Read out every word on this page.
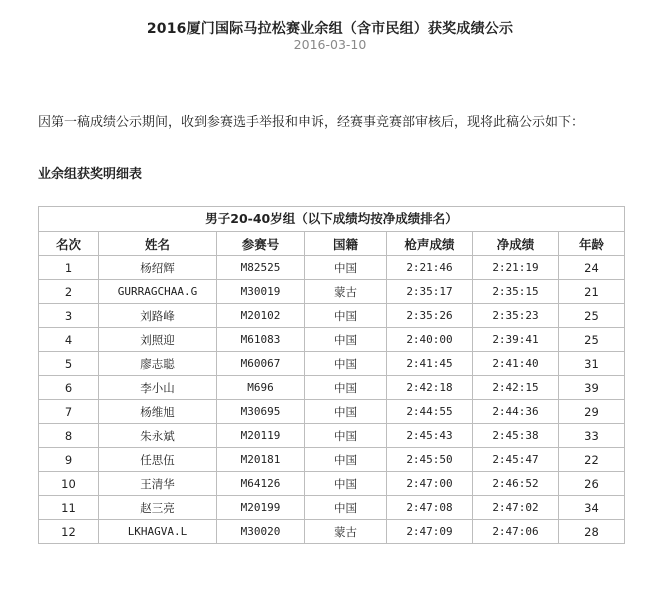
2016厦门国际马拉松赛业余组（含市民组）获奖成绩公示
2016-03-10
因第一稿成绩公示期间，收到参赛选手举报和申诉，经赛事竞赛部审核后，现将此稿公示如下：
业余组获奖明细表
男子20-40岁组（以下成绩均按净成绩排名）
名次	姓名	参赛号	国籍	枪声成绩	净成绩	年龄
1	杨绍辉	M82525	中国	2:21:46	2:21:19	24
2	GURRAGCHAA.G	M30019	蒙古	2:35:17	2:35:15	21
3	刘路峰	M20102	中国	2:35:26	2:35:23	25
4	刘照迎	M61083	中国	2:40:00	2:39:41	25
5	廖志聪	M60067	中国	2:41:45	2:41:40	31
6	李小山	M696	中国	2:42:18	2:42:15	39
7	杨维旭	M30695	中国	2:44:55	2:44:36	29
8	朱永斌	M20119	中国	2:45:43	2:45:38	33
9	任思伍	M20181	中国	2:45:50	2:45:47	22
10	王清华	M64126	中国	2:47:00	2:46:52	26
11	赵三亮	M20199	中国	2:47:08	2:47:02	34
12	LKHAGVA.L	M30020	蒙古	2:47:09	2:47:06	28
